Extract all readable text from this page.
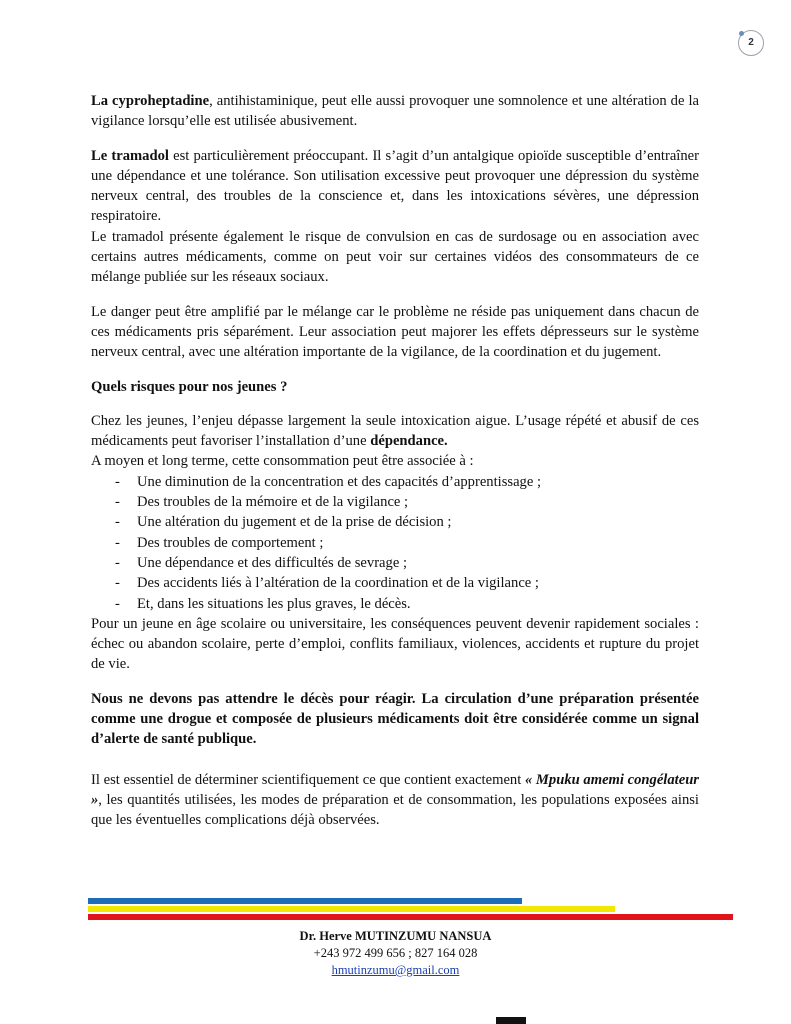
2

La cyproheptadine, antihistaminique, peut elle aussi provoquer une somnolence et une altération de la vigilance lorsqu’elle est utilisée abusivement.

Le tramadol est particulièrement préoccupant. Il s’agit d’un antalgique opioïde susceptible d’entraîner une dépendance et une tolérance. Son utilisation excessive peut provoquer une dépression du système nerveux central, des troubles de la conscience et, dans les intoxications sévères, une dépression respiratoire.

Le tramadol présente également le risque de convulsion en cas de surdosage ou en association avec certains autres médicaments, comme on peut voir sur certaines vidéos des consommateurs de ce mélange publiée sur les réseaux sociaux.

Le danger peut être amplifié par le mélange car le problème ne réside pas uniquement dans chacun de ces médicaments pris séparément. Leur association peut majorer les effets dépresseurs sur le système nerveux central, avec une altération importante de la vigilance, de la coordination et du jugement.

Quels risques pour nos jeunes ?

Chez les jeunes, l’enjeu dépasse largement la seule intoxication aigue. L’usage répété et abusif de ces médicaments peut favoriser l’installation d’une dépendance.

A moyen et long terme, cette consommation peut être associée à :

- Une diminution de la concentration et des capacités d’apprentissage ;
- Des troubles de la mémoire et de la vigilance ;
- Une altération du jugement et de la prise de décision ;
- Des troubles de comportement ;
- Une dépendance et des difficultés de sevrage ;
- Des accidents liés à l’altération de la coordination et de la vigilance ;
- Et, dans les situations les plus graves, le décès.

Pour un jeune en âge scolaire ou universitaire, les conséquences peuvent devenir rapidement sociales : échec ou abandon scolaire, perte d’emploi, conflits familiaux, violences, accidents et rupture du projet de vie.

Nous ne devons pas attendre le décès pour réagir. La circulation d’une préparation présentée comme une drogue et composée de plusieurs médicaments doit être considérée comme un signal d’alerte de santé publique.

Il est essentiel de déterminer scientifiquement ce que contient exactement « Mpuku amemi congélateur », les quantités utilisées, les modes de préparation et de consommation, les populations exposées ainsi que les éventuelles complications déjà observées.

Dr. Herve MUTINZUMU NANSUA
+243 972 499 656 ; 827 164 028
hmutinzumu@gmail.com
